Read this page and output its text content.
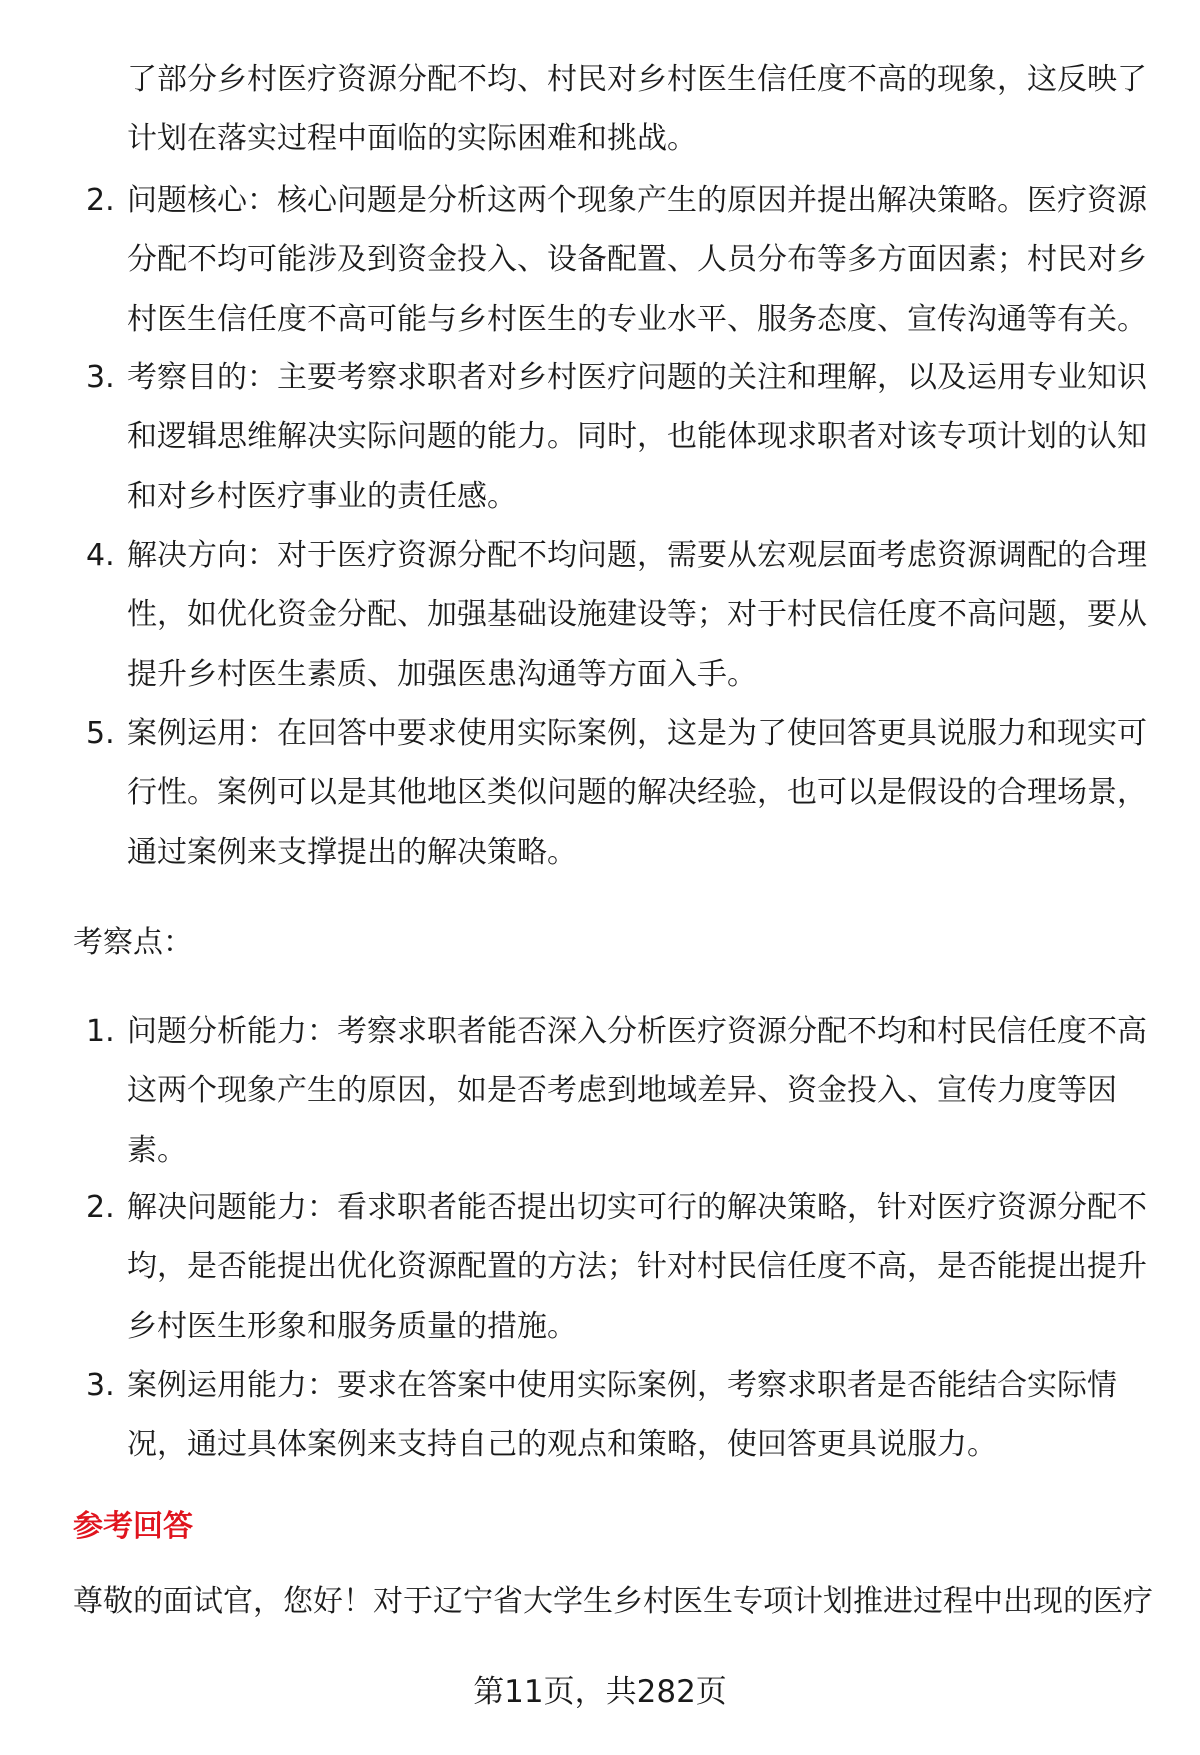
了部分乡村医疗资源分配不均、村民对乡村医生信任度不高的现象，这反映了
计划在落实过程中面临的实际困难和挑战。
2. 问题核心：核心问题是分析这两个现象产生的原因并提出解决策略。医疗资源
分配不均可能涉及到资金投入、设备配置、人员分布等多方面因素；村民对乡
村医生信任度不高可能与乡村医生的专业水平、服务态度、宣传沟通等有关。
3. 考察目的：主要考察求职者对乡村医疗问题的关注和理解，以及运用专业知识
和逻辑思维解决实际问题的能力。同时，也能体现求职者对该专项计划的认知
和对乡村医疗事业的责任感。
4. 解决方向：对于医疗资源分配不均问题，需要从宏观层面考虑资源调配的合理
性，如优化资金分配、加强基础设施建设等；对于村民信任度不高问题，要从
提升乡村医生素质、加强医患沟通等方面入手。
5. 案例运用：在回答中要求使用实际案例，这是为了使回答更具说服力和现实可
行性。案例可以是其他地区类似问题的解决经验，也可以是假设的合理场景，
通过案例来支撑提出的解决策略。
考察点：
1. 问题分析能力：考察求职者能否深入分析医疗资源分配不均和村民信任度不高
这两个现象产生的原因，如是否考虑到地域差异、资金投入、宣传力度等因
素。
2. 解决问题能力：看求职者能否提出切实可行的解决策略，针对医疗资源分配不
均，是否能提出优化资源配置的方法；针对村民信任度不高，是否能提出提升
乡村医生形象和服务质量的措施。
3. 案例运用能力：要求在答案中使用实际案例，考察求职者是否能结合实际情
况，通过具体案例来支持自己的观点和策略，使回答更具说服力。
参考回答
尊敬的面试官，您好！对于辽宁省大学生乡村医生专项计划推进过程中出现的医疗
第11页，共282页
